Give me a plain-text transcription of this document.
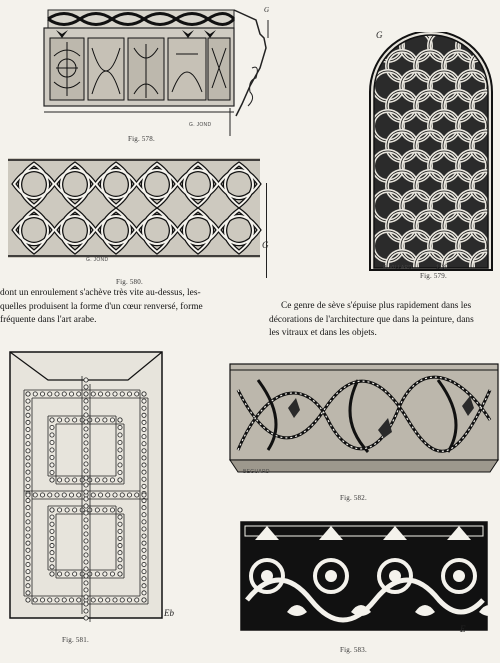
G. JOND
Fig. 578.
P. VILLARD	1/37
Fig. 579.
G
G. JOND
Fig. 580.
G
dont un enroulement s'achève très vite au-dessus, les-
quelles produisent la forme d'un cœur renversé, forme
fréquente dans l'art arabe.
Ce genre de sève s'épuise plus rapidement dans les
décorations de l'architecture que dans la peinture, dans
les vitraux et dans les objets.
Fig. 581.
Eb
BEGUARD
Fig. 582.
Fig. 583.
E
G
